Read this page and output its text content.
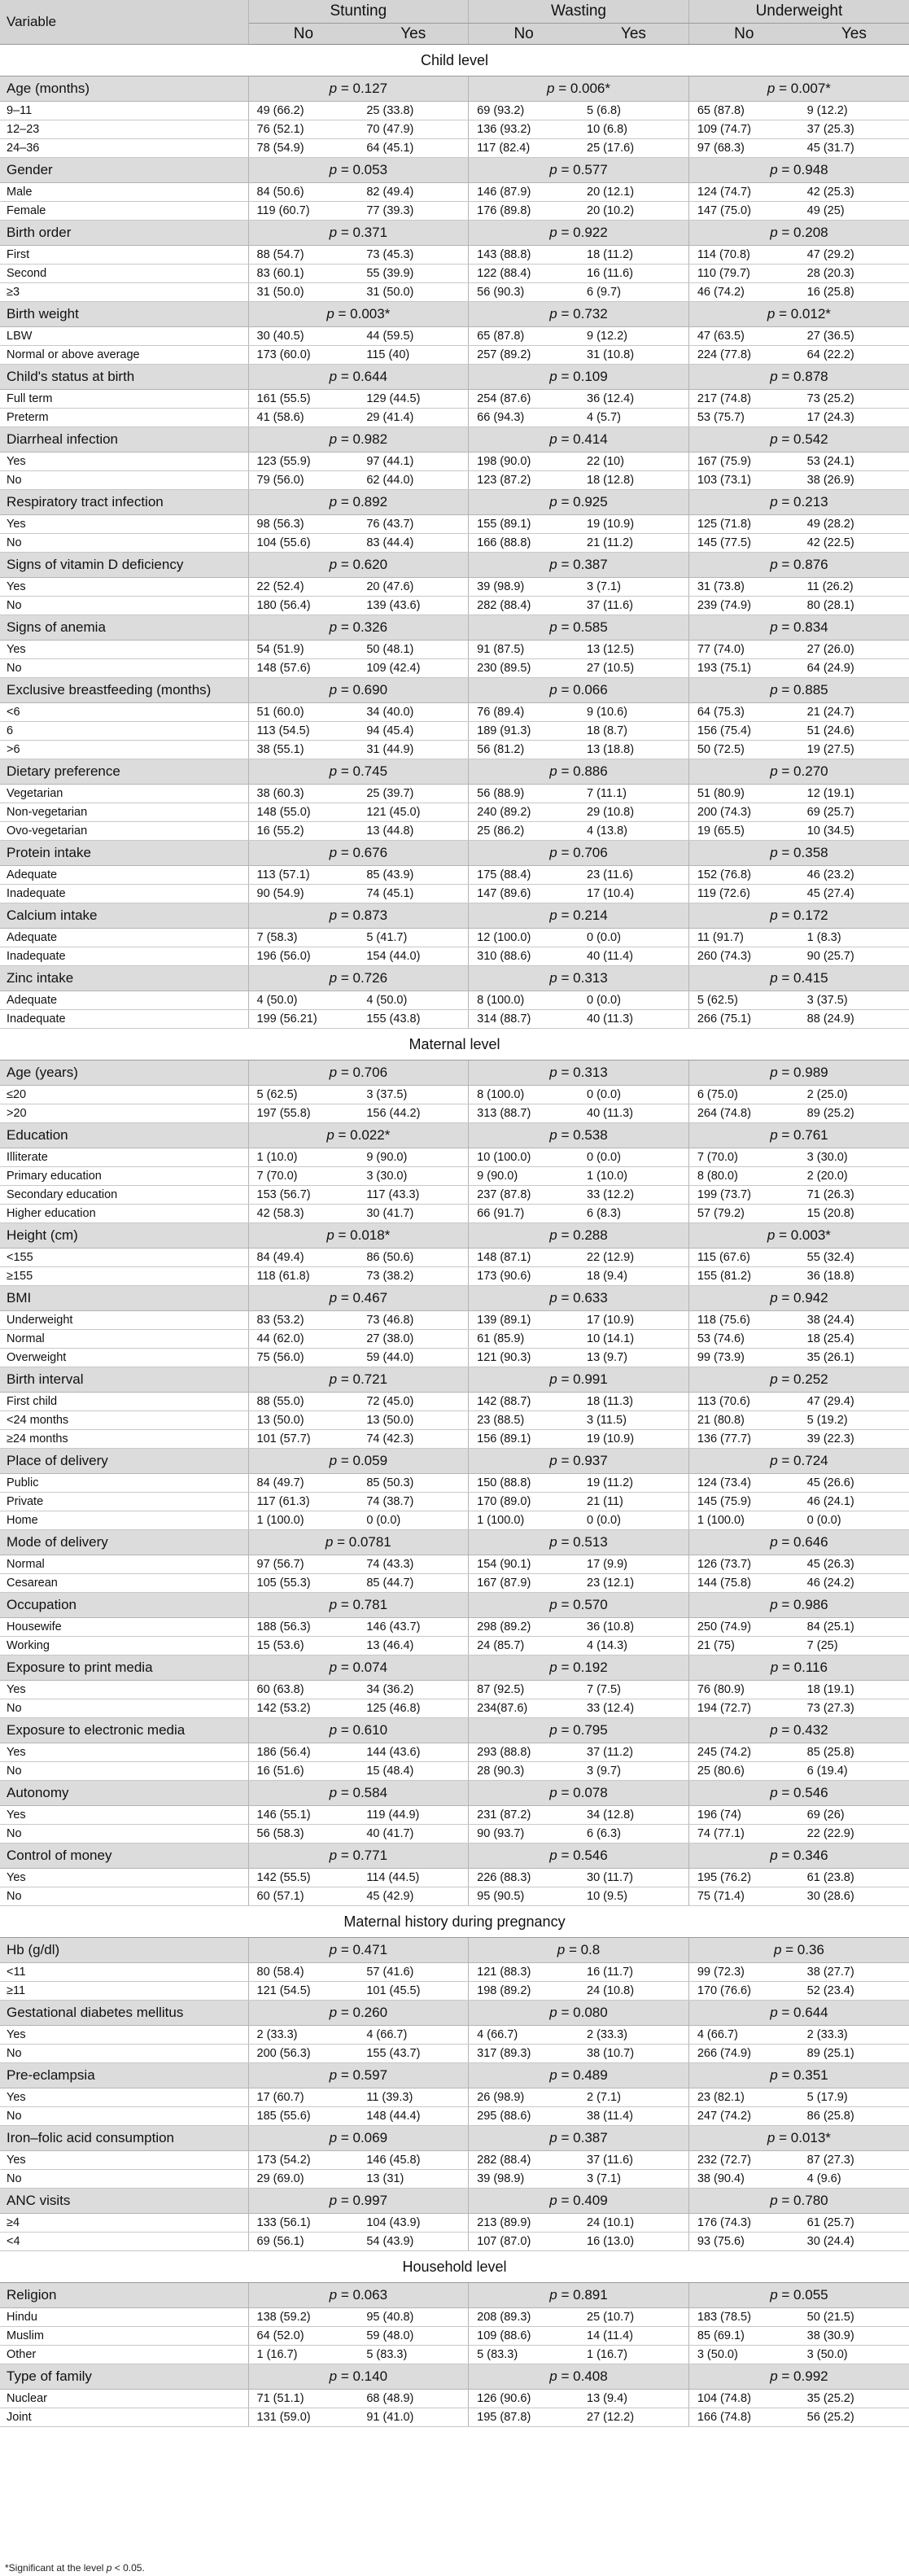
Variable	Stunting		Wasting		Underweight	
	No	Yes	No	Yes	No	Yes
Child level						
Age (months)	p = 0.127		p = 0.006*		p = 0.007*	
9–11	49 (66.2)	25 (33.8)	69 (93.2)	5 (6.8)	65 (87.8)	9 (12.2)
12–23	76 (52.1)	70 (47.9)	136 (93.2)	10 (6.8)	109 (74.7)	37 (25.3)
24–36	78 (54.9)	64 (45.1)	117 (82.4)	25 (17.6)	97 (68.3)	45 (31.7)
Gender	p = 0.053		p = 0.577		p = 0.948	
Male	84 (50.6)	82 (49.4)	146 (87.9)	20 (12.1)	124 (74.7)	42 (25.3)
Female	119 (60.7)	77 (39.3)	176 (89.8)	20 (10.2)	147 (75.0)	49 (25)
Birth order	p = 0.371		p = 0.922		p = 0.208	
First	88 (54.7)	73 (45.3)	143 (88.8)	18 (11.2)	114 (70.8)	47 (29.2)
Second	83 (60.1)	55 (39.9)	122 (88.4)	16 (11.6)	110 (79.7)	28 (20.3)
≥3	31 (50.0)	31 (50.0)	56 (90.3)	6 (9.7)	46 (74.2)	16 (25.8)
Birth weight	p = 0.003*		p = 0.732		p = 0.012*	
LBW	30 (40.5)	44 (59.5)	65 (87.8)	9 (12.2)	47 (63.5)	27 (36.5)
Normal or above average	173 (60.0)	115 (40)	257 (89.2)	31 (10.8)	224 (77.8)	64 (22.2)
Child's status at birth	p = 0.644		p = 0.109		p = 0.878	
Full term	161 (55.5)	129 (44.5)	254 (87.6)	36 (12.4)	217 (74.8)	73 (25.2)
Preterm	41 (58.6)	29 (41.4)	66 (94.3)	4 (5.7)	53 (75.7)	17 (24.3)
Diarrheal infection	p = 0.982		p = 0.414		p = 0.542	
Yes	123 (55.9)	97 (44.1)	198 (90.0)	22 (10)	167 (75.9)	53 (24.1)
No	79 (56.0)	62 (44.0)	123 (87.2)	18 (12.8)	103 (73.1)	38 (26.9)
Respiratory tract infection	p = 0.892		p = 0.925		p = 0.213	
Yes	98 (56.3)	76 (43.7)	155 (89.1)	19 (10.9)	125 (71.8)	49 (28.2)
No	104 (55.6)	83 (44.4)	166 (88.8)	21 (11.2)	145 (77.5)	42 (22.5)
Signs of vitamin D deficiency	p = 0.620		p = 0.387		p = 0.876	
Yes	22 (52.4)	20 (47.6)	39 (98.9)	3 (7.1)	31 (73.8)	11 (26.2)
No	180 (56.4)	139 (43.6)	282 (88.4)	37 (11.6)	239 (74.9)	80 (28.1)
Signs of anemia	p = 0.326		p = 0.585		p = 0.834	
Yes	54 (51.9)	50 (48.1)	91 (87.5)	13 (12.5)	77 (74.0)	27 (26.0)
No	148 (57.6)	109 (42.4)	230 (89.5)	27 (10.5)	193 (75.1)	64 (24.9)
Exclusive breastfeeding (months)	p = 0.690		p = 0.066		p = 0.885	
<6	51 (60.0)	34 (40.0)	76 (89.4)	9 (10.6)	64 (75.3)	21 (24.7)
6	113 (54.5)	94 (45.4)	189 (91.3)	18 (8.7)	156 (75.4)	51 (24.6)
>6	38 (55.1)	31 (44.9)	56 (81.2)	13 (18.8)	50 (72.5)	19 (27.5)
Dietary preference	p = 0.745		p = 0.886		p = 0.270	
Vegetarian	38 (60.3)	25 (39.7)	56 (88.9)	7 (11.1)	51 (80.9)	12 (19.1)
Non-vegetarian	148 (55.0)	121 (45.0)	240 (89.2)	29 (10.8)	200 (74.3)	69 (25.7)
Ovo-vegetarian	16 (55.2)	13 (44.8)	25 (86.2)	4 (13.8)	19 (65.5)	10 (34.5)
Protein intake	p = 0.676		p = 0.706		p = 0.358	
Adequate	113 (57.1)	85 (43.9)	175 (88.4)	23 (11.6)	152 (76.8)	46 (23.2)
Inadequate	90 (54.9)	74 (45.1)	147 (89.6)	17 (10.4)	119 (72.6)	45 (27.4)
Calcium intake	p = 0.873		p = 0.214		p = 0.172	
Adequate	7 (58.3)	5 (41.7)	12 (100.0)	0 (0.0)	11 (91.7)	1 (8.3)
Inadequate	196 (56.0)	154 (44.0)	310 (88.6)	40 (11.4)	260 (74.3)	90 (25.7)
Zinc intake	p = 0.726		p = 0.313		p = 0.415	
Adequate	4 (50.0)	4 (50.0)	8 (100.0)	0 (0.0)	5 (62.5)	3 (37.5)
Inadequate	199 (56.21)	155 (43.8)	314 (88.7)	40 (11.3)	266 (75.1)	88 (24.9)
Maternal level						
Age (years)	p = 0.706		p = 0.313		p = 0.989	
≤20	5 (62.5)	3 (37.5)	8 (100.0)	0 (0.0)	6 (75.0)	2 (25.0)
>20	197 (55.8)	156 (44.2)	313 (88.7)	40 (11.3)	264 (74.8)	89 (25.2)
Education	p = 0.022*		p = 0.538		p = 0.761	
Illiterate	1 (10.0)	9 (90.0)	10 (100.0)	0 (0.0)	7 (70.0)	3 (30.0)
Primary education	7 (70.0)	3 (30.0)	9 (90.0)	1 (10.0)	8 (80.0)	2 (20.0)
Secondary education	153 (56.7)	117 (43.3)	237 (87.8)	33 (12.2)	199 (73.7)	71 (26.3)
Higher education	42 (58.3)	30 (41.7)	66 (91.7)	6 (8.3)	57 (79.2)	15 (20.8)
Height (cm)	p = 0.018*		p = 0.288		p = 0.003*	
<155	84 (49.4)	86 (50.6)	148 (87.1)	22 (12.9)	115 (67.6)	55 (32.4)
≥155	118 (61.8)	73 (38.2)	173 (90.6)	18 (9.4)	155 (81.2)	36 (18.8)
BMI	p = 0.467		p = 0.633		p = 0.942	
Underweight	83 (53.2)	73 (46.8)	139 (89.1)	17 (10.9)	118 (75.6)	38 (24.4)
Normal	44 (62.0)	27 (38.0)	61 (85.9)	10 (14.1)	53 (74.6)	18 (25.4)
Overweight	75 (56.0)	59 (44.0)	121 (90.3)	13 (9.7)	99 (73.9)	35 (26.1)
Birth interval	p = 0.721		p = 0.991		p = 0.252	
First child	88 (55.0)	72 (45.0)	142 (88.7)	18 (11.3)	113 (70.6)	47 (29.4)
<24 months	13 (50.0)	13 (50.0)	23 (88.5)	3 (11.5)	21 (80.8)	5 (19.2)
≥24 months	101 (57.7)	74 (42.3)	156 (89.1)	19 (10.9)	136 (77.7)	39 (22.3)
Place of delivery	p = 0.059		p = 0.937		p = 0.724	
Public	84 (49.7)	85 (50.3)	150 (88.8)	19 (11.2)	124 (73.4)	45 (26.6)
Private	117 (61.3)	74 (38.7)	170 (89.0)	21 (11)	145 (75.9)	46 (24.1)
Home	1 (100.0)	0 (0.0)	1 (100.0)	0 (0.0)	1 (100.0)	0 (0.0)
Mode of delivery	p = 0.0781		p = 0.513		p = 0.646	
Normal	97 (56.7)	74 (43.3)	154 (90.1)	17 (9.9)	126 (73.7)	45 (26.3)
Cesarean	105 (55.3)	85 (44.7)	167 (87.9)	23 (12.1)	144 (75.8)	46 (24.2)
Occupation	p = 0.781		p = 0.570		p = 0.986	
Housewife	188 (56.3)	146 (43.7)	298 (89.2)	36 (10.8)	250 (74.9)	84 (25.1)
Working	15 (53.6)	13 (46.4)	24 (85.7)	4 (14.3)	21 (75)	7 (25)
Exposure to print media	p = 0.074		p = 0.192		p = 0.116	
Yes	60 (63.8)	34 (36.2)	87 (92.5)	7 (7.5)	76 (80.9)	18 (19.1)
No	142 (53.2)	125 (46.8)	234(87.6)	33 (12.4)	194 (72.7)	73 (27.3)
Exposure to electronic media	p = 0.610		p = 0.795		p = 0.432	
Yes	186 (56.4)	144 (43.6)	293 (88.8)	37 (11.2)	245 (74.2)	85 (25.8)
No	16 (51.6)	15 (48.4)	28 (90.3)	3 (9.7)	25 (80.6)	6 (19.4)
Autonomy	p = 0.584		p = 0.078		p = 0.546	
Yes	146 (55.1)	119 (44.9)	231 (87.2)	34 (12.8)	196 (74)	69 (26)
No	56 (58.3)	40 (41.7)	90 (93.7)	6 (6.3)	74 (77.1)	22 (22.9)
Control of money	p = 0.771		p = 0.546		p = 0.346	
Yes	142 (55.5)	114 (44.5)	226 (88.3)	30 (11.7)	195 (76.2)	61 (23.8)
No	60 (57.1)	45 (42.9)	95 (90.5)	10 (9.5)	75 (71.4)	30 (28.6)
Maternal history during pregnancy						
Hb (g/dl)	p = 0.471		p = 0.8		p = 0.36	
<11	80 (58.4)	57 (41.6)	121 (88.3)	16 (11.7)	99 (72.3)	38 (27.7)
≥11	121 (54.5)	101 (45.5)	198 (89.2)	24 (10.8)	170 (76.6)	52 (23.4)
Gestational diabetes mellitus	p = 0.260		p = 0.080		p = 0.644	
Yes	2 (33.3)	4 (66.7)	4 (66.7)	2 (33.3)	4 (66.7)	2 (33.3)
No	200 (56.3)	155 (43.7)	317 (89.3)	38 (10.7)	266 (74.9)	89 (25.1)
Pre-eclampsia	p = 0.597		p = 0.489		p = 0.351	
Yes	17 (60.7)	11 (39.3)	26 (98.9)	2 (7.1)	23 (82.1)	5 (17.9)
No	185 (55.6)	148 (44.4)	295 (88.6)	38 (11.4)	247 (74.2)	86 (25.8)
Iron–folic acid consumption	p = 0.069		p = 0.387		p = 0.013*	
Yes	173 (54.2)	146 (45.8)	282 (88.4)	37 (11.6)	232 (72.7)	87 (27.3)
No	29 (69.0)	13 (31)	39 (98.9)	3 (7.1)	38 (90.4)	4 (9.6)
ANC visits	p = 0.997		p = 0.409		p = 0.780	
≥4	133 (56.1)	104 (43.9)	213 (89.9)	24 (10.1)	176 (74.3)	61 (25.7)
<4	69 (56.1)	54 (43.9)	107 (87.0)	16 (13.0)	93 (75.6)	30 (24.4)
Household level						
Religion	p = 0.063		p = 0.891		p = 0.055	
Hindu	138 (59.2)	95 (40.8)	208 (89.3)	25 (10.7)	183 (78.5)	50 (21.5)
Muslim	64 (52.0)	59 (48.0)	109 (88.6)	14 (11.4)	85 (69.1)	38 (30.9)
Other	1 (16.7)	5 (83.3)	5 (83.3)	1 (16.7)	3 (50.0)	3 (50.0)
Type of family	p = 0.140		p = 0.408		p = 0.992	
Nuclear	71 (51.1)	68 (48.9)	126 (90.6)	13 (9.4)	104 (74.8)	35 (25.2)
Joint	131 (59.0)	91 (41.0)	195 (87.8)	27 (12.2)	166 (74.8)	56 (25.2)
*Significant at the level p < 0.05.
